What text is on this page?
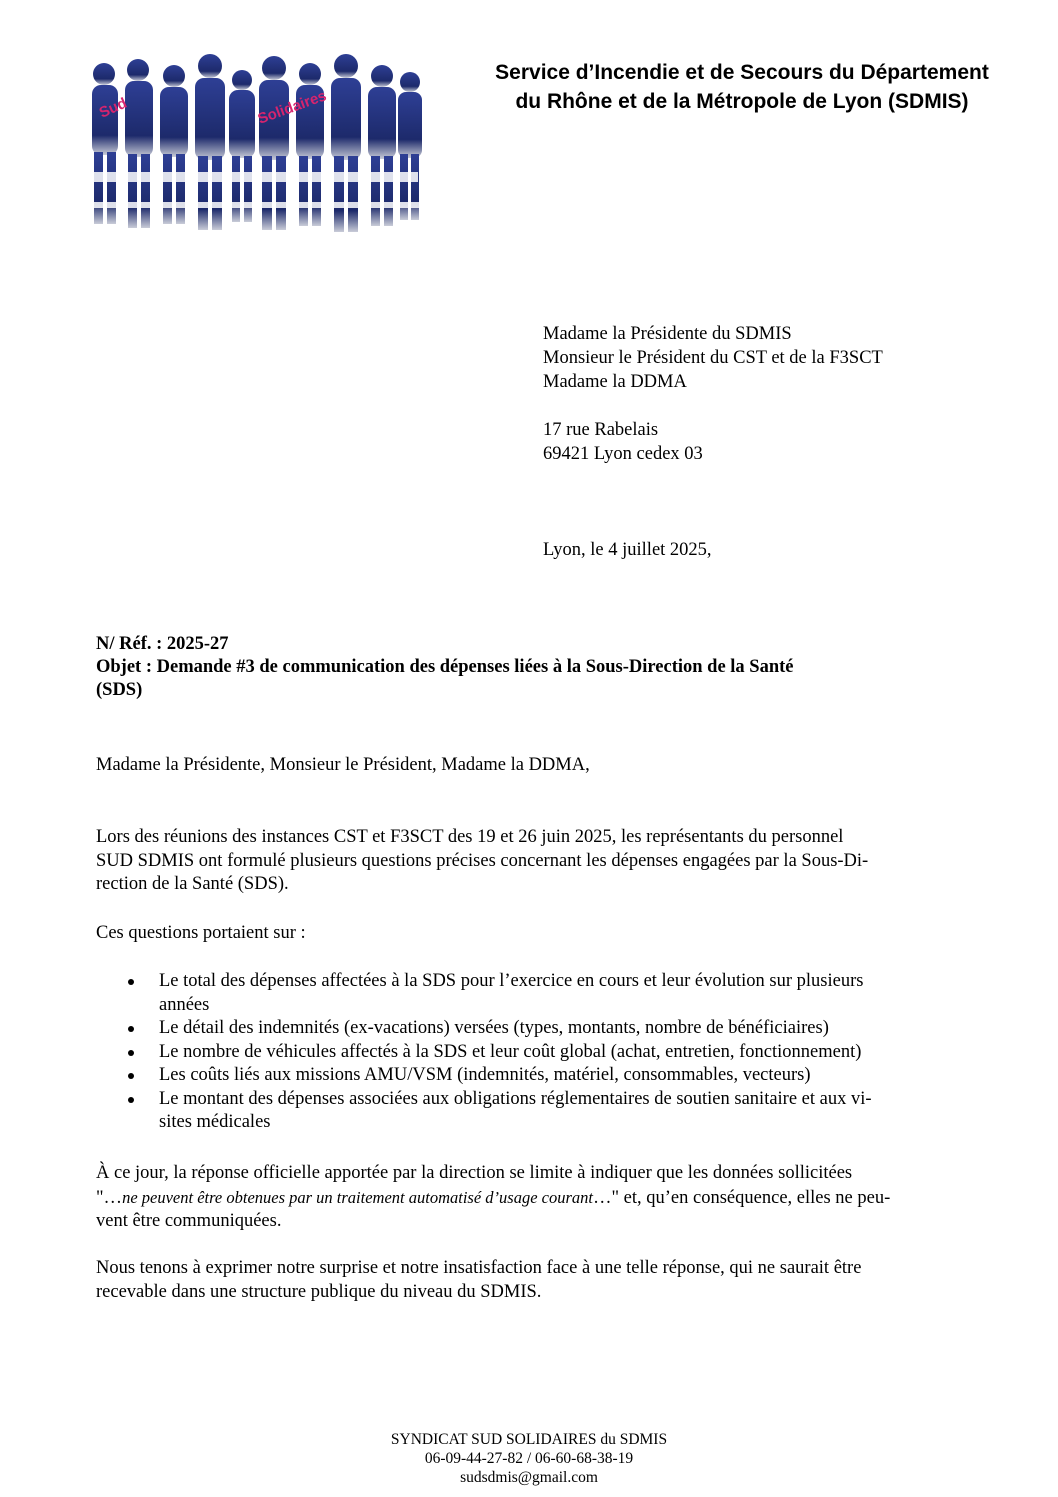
Sud	Solidaires
Service d’Incendie et de Secours du Département
du Rhône et de la Métropole de Lyon (SDMIS)
Madame la Présidente du SDMIS
Monsieur le Président du CST et de la F3SCT
Madame la DDMA
17 rue Rabelais
69421 Lyon cedex 03
Lyon, le 4 juillet 2025,
N/ Réf. : 2025-27
Objet : Demande #3 de communication des dépenses liées à la Sous-Direction de la Santé
(SDS)
Madame la Présidente, Monsieur le Président, Madame la DDMA,
Lors des réunions des instances CST et F3SCT des 19 et 26 juin 2025, les représentants du personnel
SUD SDMIS ont formulé plusieurs questions précises concernant les dépenses engagées par la Sous-Di-
rection de la Santé (SDS).
Ces questions portaient sur :
Le total des dépenses affectées à la SDS pour l’exercice en cours et leur évolution sur plusieurs
années
Le détail des indemnités (ex-vacations) versées (types, montants, nombre de bénéficiaires)
Le nombre de véhicules affectés à la SDS et leur coût global (achat, entretien, fonctionnement)
Les coûts liés aux missions AMU/VSM (indemnités, matériel, consommables, vecteurs)
Le montant des dépenses associées aux obligations réglementaires de soutien sanitaire et aux vi-
sites médicales
À ce jour, la réponse officielle apportée par la direction se limite à indiquer que les données sollicitées
"…ne peuvent être obtenues par un traitement automatisé d’usage courant…" et, qu’en conséquence, elles ne peu-
vent être communiquées.
Nous tenons à exprimer notre surprise et notre insatisfaction face à une telle réponse, qui ne saurait être
recevable dans une structure publique du niveau du SDMIS.
SYNDICAT SUD SOLIDAIRES du SDMIS
06-09-44-27-82 / 06-60-68-38-19
sudsdmis@gmail.com
